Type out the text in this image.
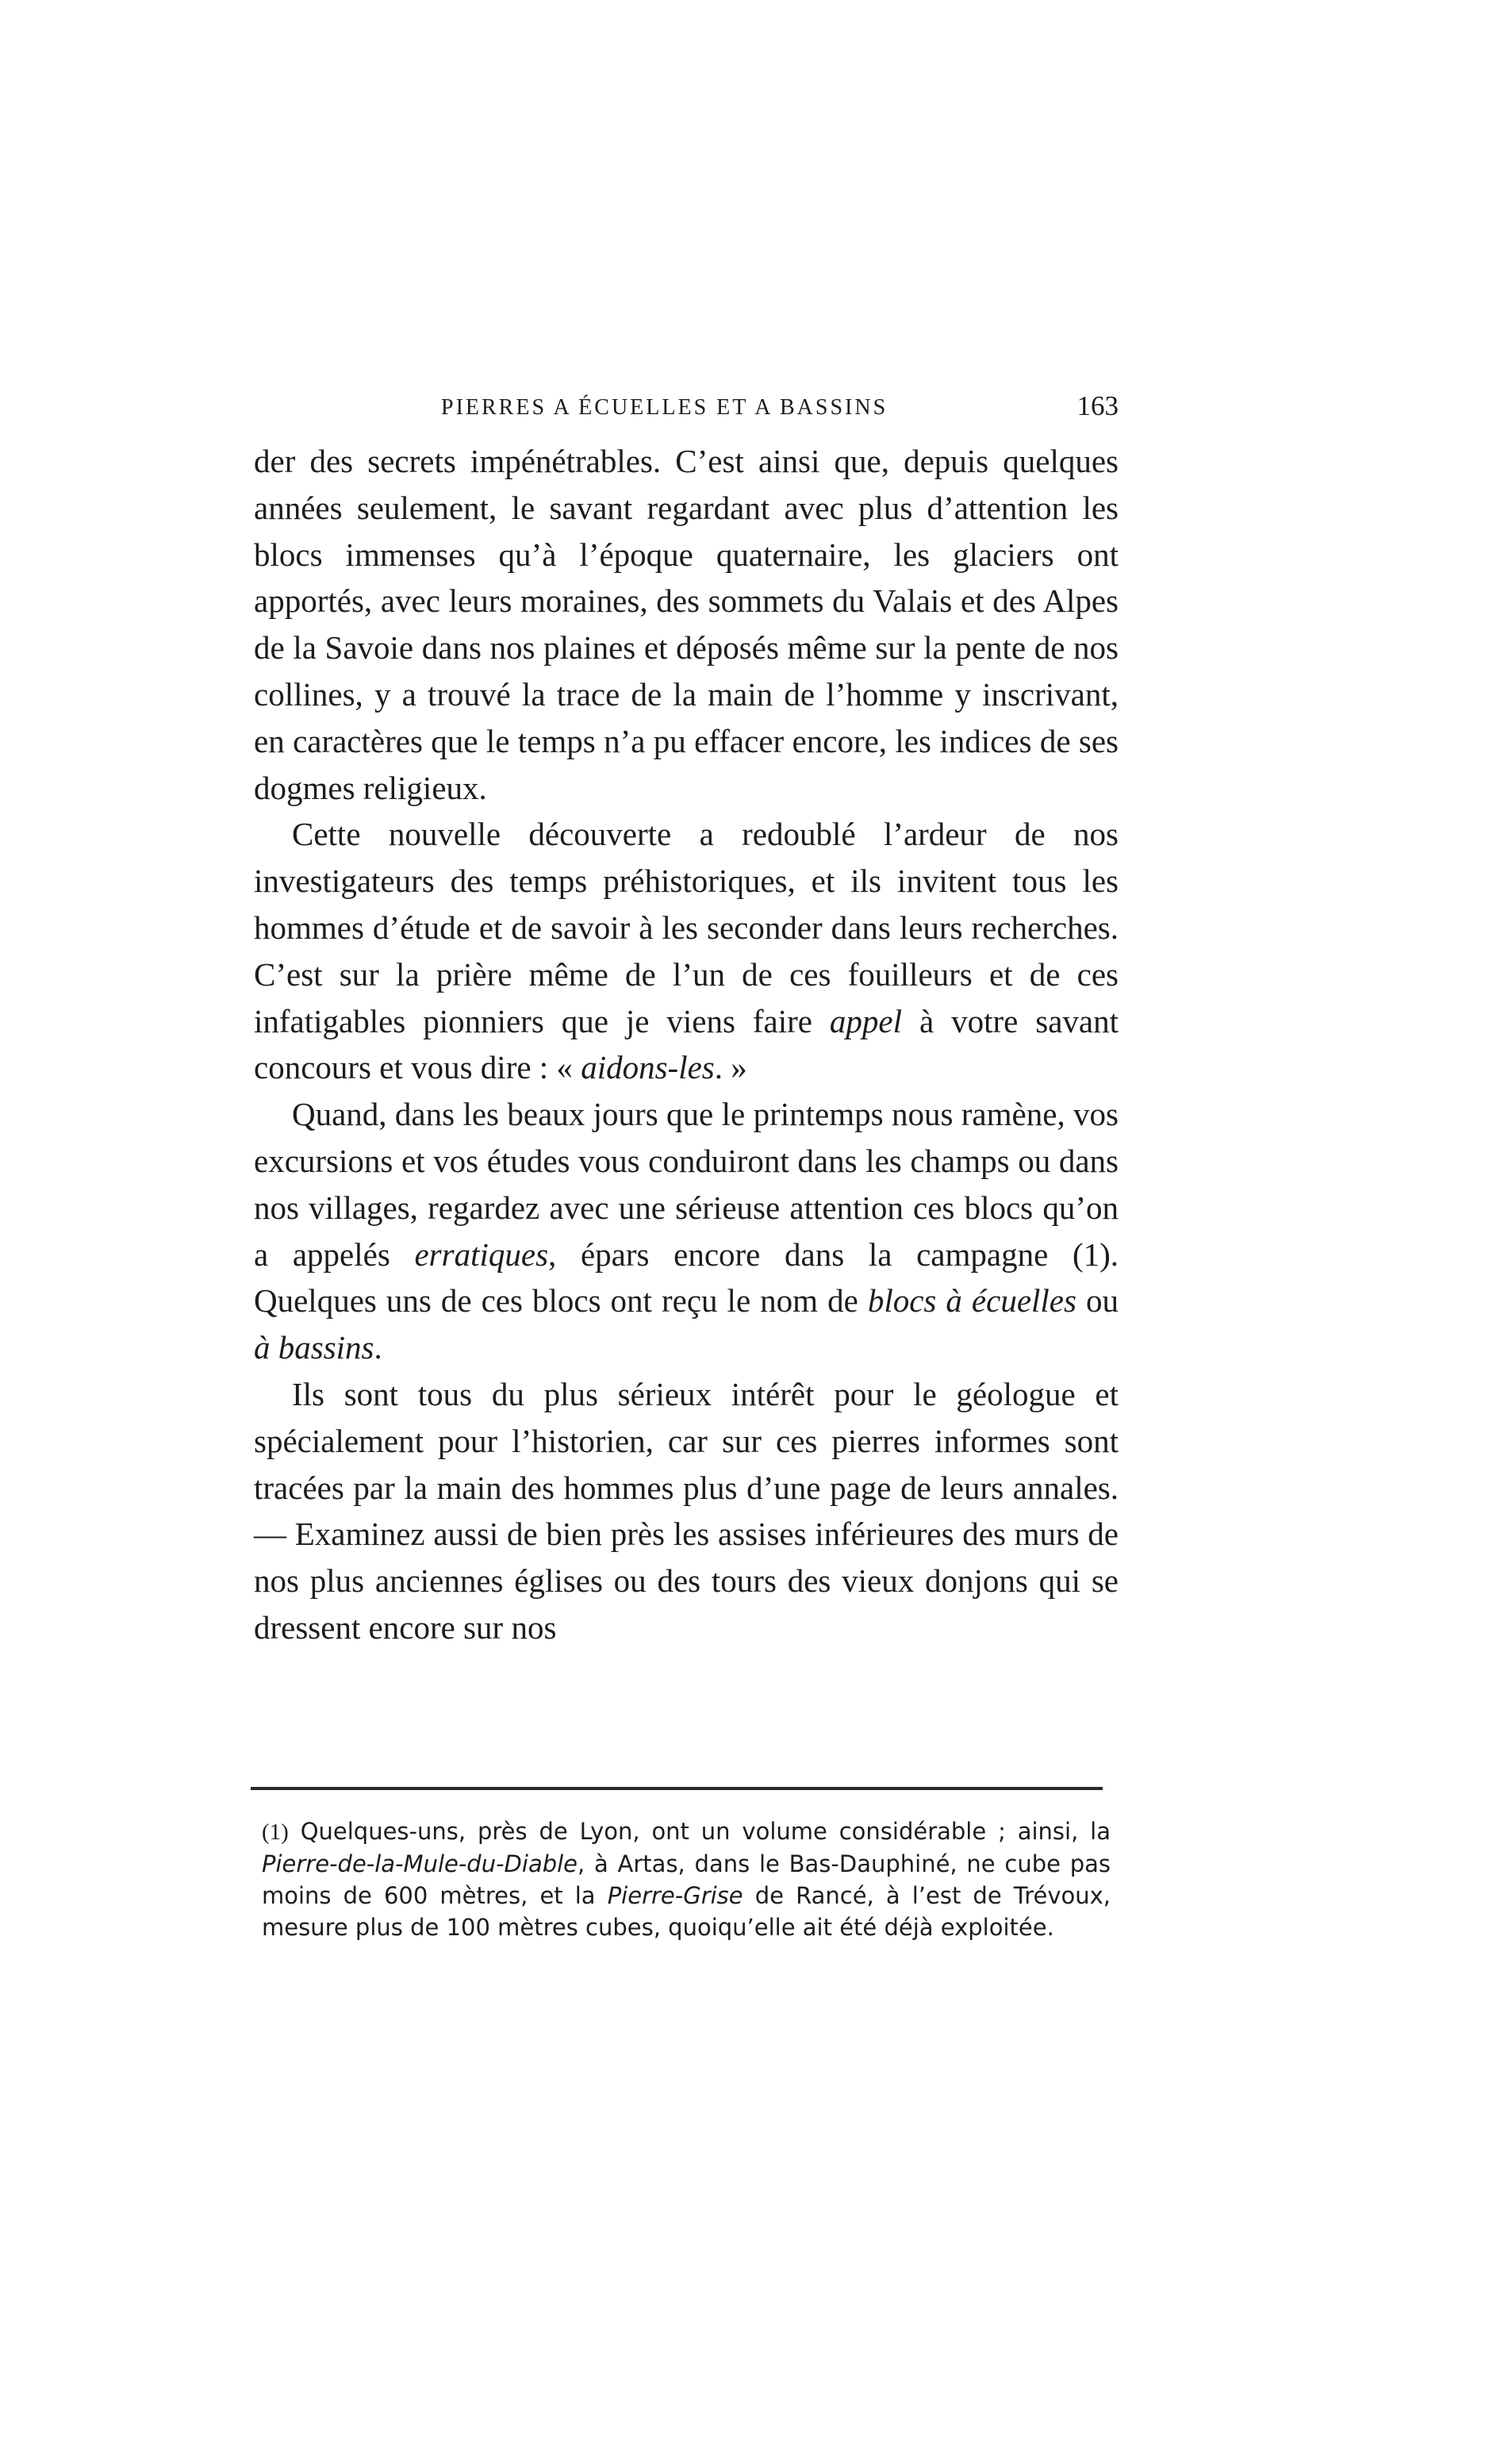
PIERRES A ÉCUELLES ET A BASSINS	163

der des secrets impénétrables. C’est ainsi que, depuis quelques années seulement, le savant regardant avec plus d’attention les blocs immenses qu’à l’époque quaternaire, les glaciers ont apportés, avec leurs moraines, des sommets du Valais et des Alpes de la Savoie dans nos plaines et déposés même sur la pente de nos collines, y a trouvé la trace de la main de l’homme y inscrivant, en caractères que le temps n’a pu effacer encore, les indices de ses dogmes religieux.

Cette nouvelle découverte a redoublé l’ardeur de nos investigateurs des temps préhistoriques, et ils invitent tous les hommes d’étude et de savoir à les seconder dans leurs recherches. C’est sur la prière même de l’un de ces fouilleurs et de ces infatigables pionniers que je viens faire appel à votre savant concours et vous dire : « aidons-les. »

Quand, dans les beaux jours que le printemps nous ramène, vos excursions et vos études vous conduiront dans les champs ou dans nos villages, regardez avec une sérieuse attention ces blocs qu’on a appelés erratiques, épars encore dans la campagne (1). Quelques uns de ces blocs ont reçu le nom de blocs à écuelles ou à bassins.

Ils sont tous du plus sérieux intérêt pour le géologue et spécialement pour l’historien, car sur ces pierres informes sont tracées par la main des hommes plus d’une page de leurs annales. — Examinez aussi de bien près les assises inférieures des murs de nos plus anciennes églises ou des tours des vieux donjons qui se dressent encore sur nos

(1) Quelques-uns, près de Lyon, ont un volume considérable ; ainsi, la Pierre-de-la-Mule-du-Diable, à Artas, dans le Bas-Dauphiné, ne cube pas moins de 600 mètres, et la Pierre-Grise de Rancé, à l’est de Trévoux, mesure plus de 100 mètres cubes, quoiqu’elle ait été déjà exploitée.
